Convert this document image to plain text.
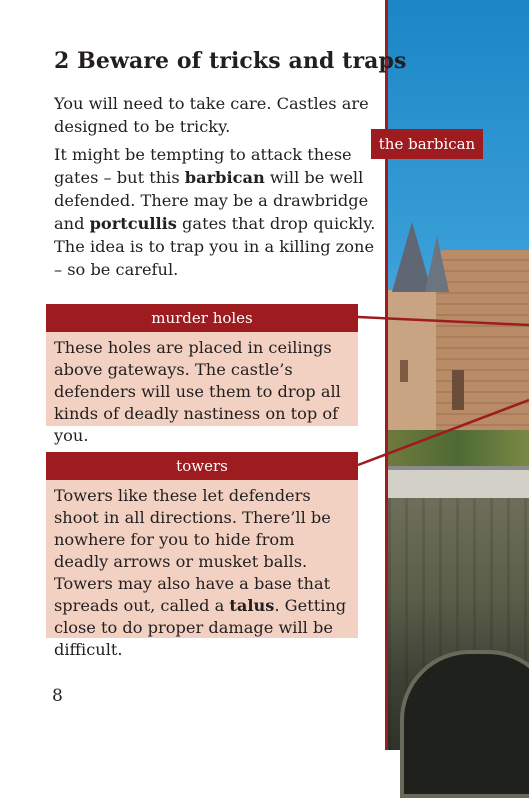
2 Beware of tricks and traps

You will need to take care. Castles are designed to be tricky.

It might be tempting to attack these gates – but this barbican will be well defended. There may be a drawbridge and portcullis gates that drop quickly. The idea is to trap you in a killing zone – so be careful.

the barbican
murder holes

These holes are placed in ceilings above gateways. The castle’s defenders will use them to drop all kinds of deadly nastiness on top of you.

towers

Towers like these let defenders shoot in all directions. There’ll be nowhere for you to hide from deadly arrows or musket balls. Towers may also have a base that spreads out, called a talus. Getting close to do proper damage will be difficult.

8
